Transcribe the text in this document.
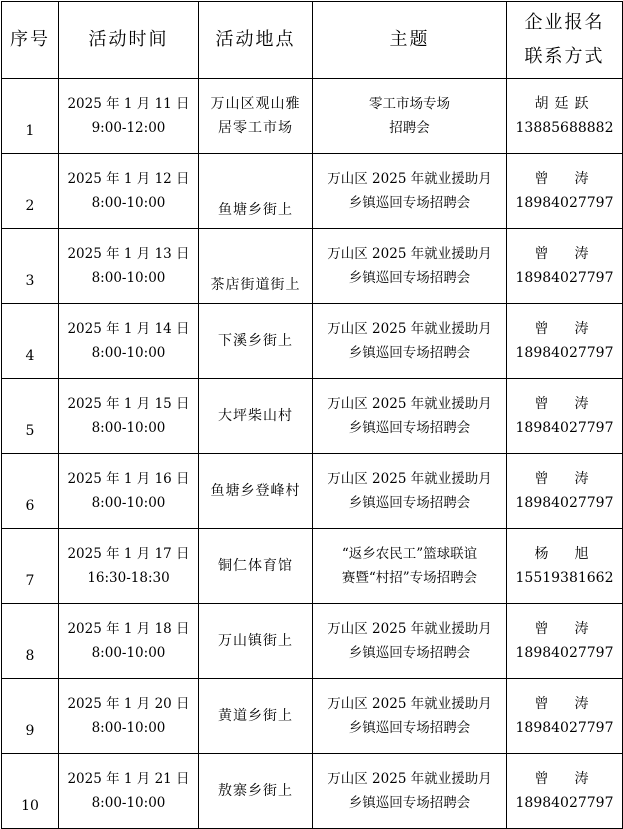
序号	活动时间	活动地点	主题	企业报名
联系方式

1	2025 年 1 月 11 日
9:00-12:00	万山区观山雅
居零工市场	零工市场专场
招聘会	胡廷跃
13885688882

2	2025 年 1 月 12 日
8:00-10:00	鱼塘乡街上	万山区 2025 年就业援助月
乡镇巡回专场招聘会	曾　涛
18984027797

3	2025 年 1 月 13 日
8:00-10:00	茶店街道街上	万山区 2025 年就业援助月
乡镇巡回专场招聘会	曾　涛
18984027797

4	2025 年 1 月 14 日
8:00-10:00	下溪乡街上	万山区 2025 年就业援助月
乡镇巡回专场招聘会	曾　涛
18984027797

5	2025 年 1 月 15 日
8:00-10:00	大坪柴山村	万山区 2025 年就业援助月
乡镇巡回专场招聘会	曾　涛
18984027797

6	2025 年 1 月 16 日
8:00-10:00	鱼塘乡登峰村	万山区 2025 年就业援助月
乡镇巡回专场招聘会	曾　涛
18984027797

7	2025 年 1 月 17 日
16:30-18:30	铜仁体育馆	“返乡农民工”篮球联谊
赛暨“村招”专场招聘会	杨　旭
15519381662

8	2025 年 1 月 18 日
8:00-10:00	万山镇街上	万山区 2025 年就业援助月
乡镇巡回专场招聘会	曾　涛
18984027797

9	2025 年 1 月 20 日
8:00-10:00	黄道乡街上	万山区 2025 年就业援助月
乡镇巡回专场招聘会	曾　涛
18984027797

10	2025 年 1 月 21 日
8:00-10:00	敖寨乡街上	万山区 2025 年就业援助月
乡镇巡回专场招聘会	曾　涛
18984027797
